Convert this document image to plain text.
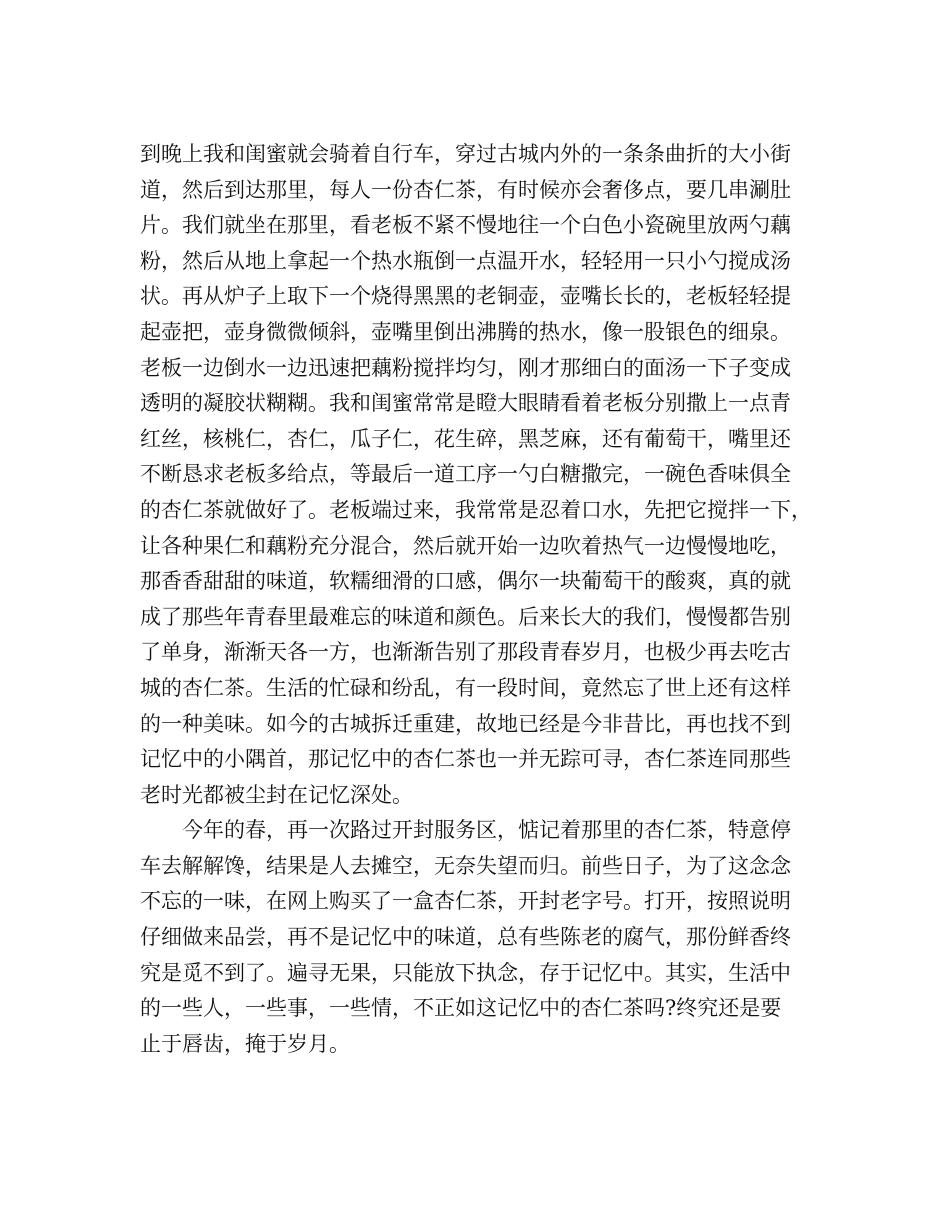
到晚上我和闺蜜就会骑着自行车，穿过古城内外的一条条曲折的大小街
道，然后到达那里，每人一份杏仁茶，有时候亦会奢侈点，要几串涮肚
片。我们就坐在那里，看老板不紧不慢地往一个白色小瓷碗里放两勺藕
粉，然后从地上拿起一个热水瓶倒一点温开水，轻轻用一只小勺搅成汤
状。再从炉子上取下一个烧得黑黑的老铜壶，壶嘴长长的，老板轻轻提
起壶把，壶身微微倾斜，壶嘴里倒出沸腾的热水，像一股银色的细泉。
老板一边倒水一边迅速把藕粉搅拌均匀，刚才那细白的面汤一下子变成
透明的凝胶状糊糊。我和闺蜜常常是瞪大眼睛看着老板分别撒上一点青
红丝，核桃仁，杏仁，瓜子仁，花生碎，黑芝麻，还有葡萄干，嘴里还
不断恳求老板多给点，等最后一道工序一勺白糖撒完，一碗色香味俱全
的杏仁茶就做好了。老板端过来，我常常是忍着口水，先把它搅拌一下，
让各种果仁和藕粉充分混合，然后就开始一边吹着热气一边慢慢地吃，
那香香甜甜的味道，软糯细滑的口感，偶尔一块葡萄干的酸爽，真的就
成了那些年青春里最难忘的味道和颜色。后来长大的我们，慢慢都告别
了单身，渐渐天各一方，也渐渐告别了那段青春岁月，也极少再去吃古
城的杏仁茶。生活的忙碌和纷乱，有一段时间，竟然忘了世上还有这样
的一种美味。如今的古城拆迁重建，故地已经是今非昔比，再也找不到
记忆中的小隅首，那记忆中的杏仁茶也一并无踪可寻，杏仁茶连同那些
老时光都被尘封在记忆深处。
今年的春，再一次路过开封服务区，惦记着那里的杏仁茶，特意停
车去解解馋，结果是人去摊空，无奈失望而归。前些日子，为了这念念
不忘的一味，在网上购买了一盒杏仁茶，开封老字号。打开，按照说明
仔细做来品尝，再不是记忆中的味道，总有些陈老的腐气，那份鲜香终
究是觅不到了。遍寻无果，只能放下执念，存于记忆中。其实，生活中
的一些人，一些事，一些情，不正如这记忆中的杏仁茶吗?终究还是要
止于唇齿，掩于岁月。
